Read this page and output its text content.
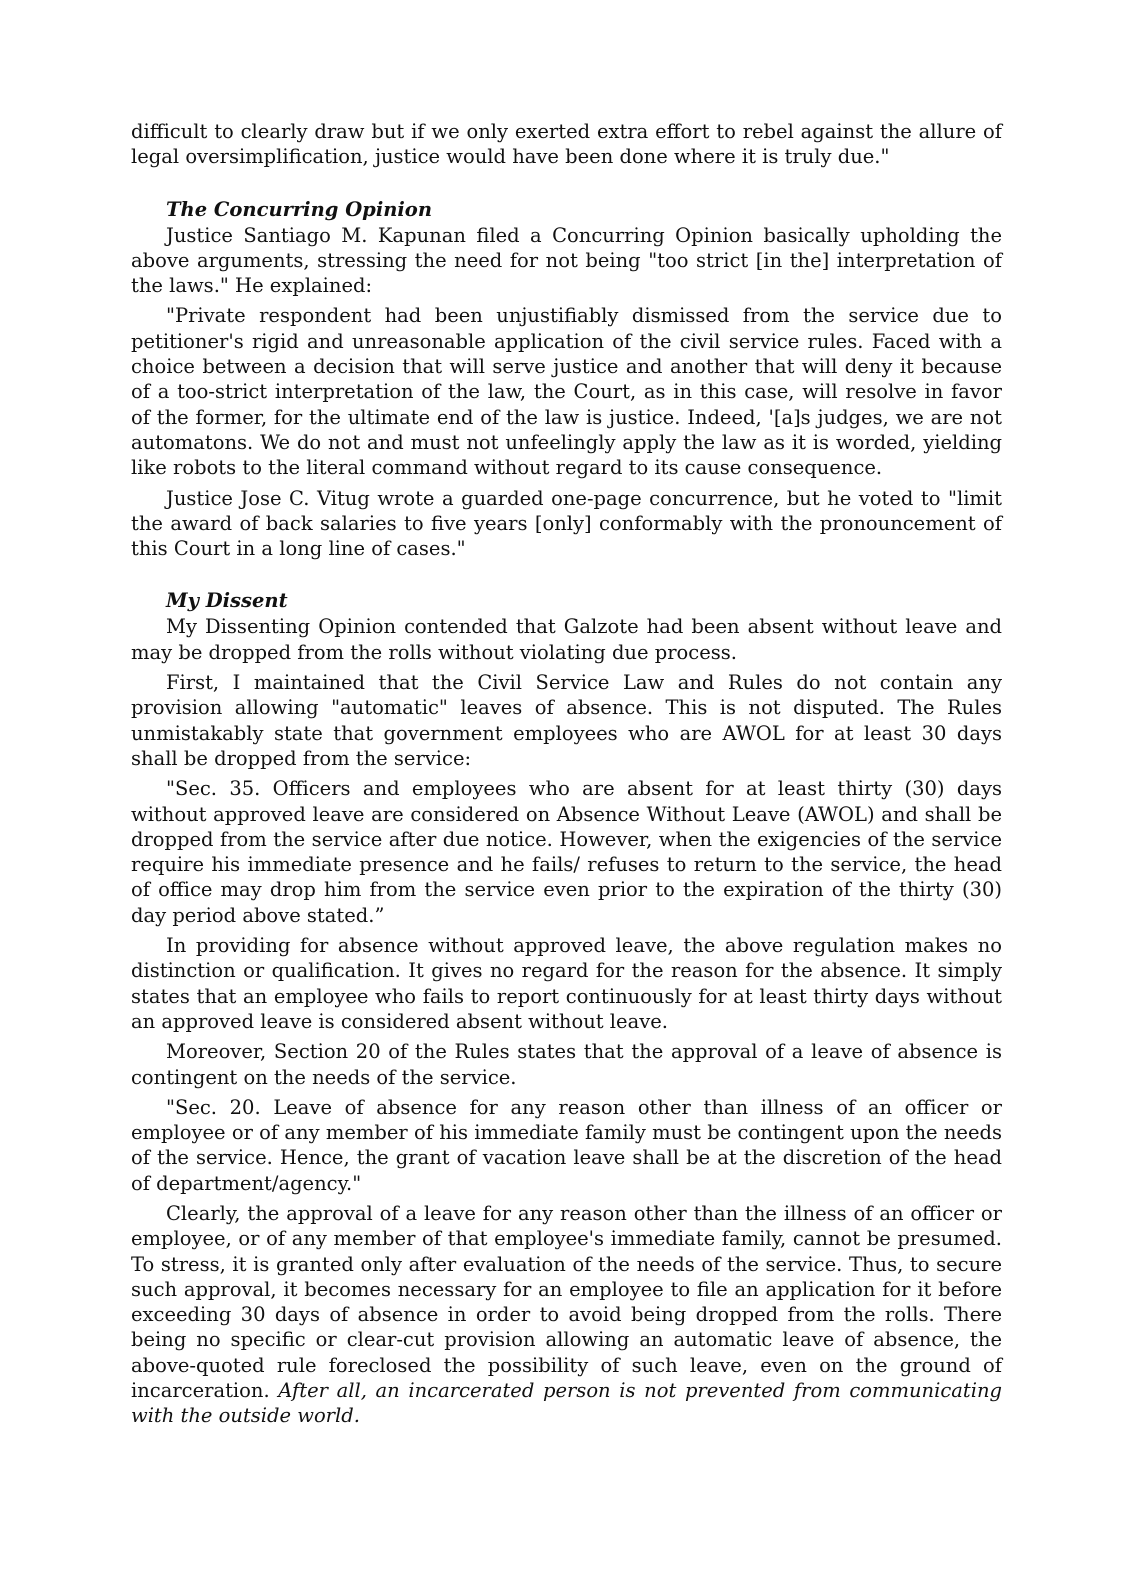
difficult to clearly draw but if we only exerted extra effort to rebel against the allure of legal oversimplification, justice would have been done where it is truly due."

The Concurring Opinion

Justice Santiago M. Kapunan filed a Concurring Opinion basically upholding the above arguments, stressing the need for not being "too strict [in the] interpretation of the laws." He explained:

"Private respondent had been unjustifiably dismissed from the service due to petitioner's rigid and unreasonable application of the civil service rules. Faced with a choice between a decision that will serve justice and another that will deny it because of a too-strict interpretation of the law, the Court, as in this case, will resolve in favor of the former, for the ultimate end of the law is justice. Indeed, '[a]s judges, we are not automatons. We do not and must not unfeelingly apply the law as it is worded, yielding like robots to the literal command without regard to its cause consequence.

Justice Jose C. Vitug wrote a guarded one-page concurrence, but he voted to "limit the award of back salaries to five years [only] conformably with the pronouncement of this Court in a long line of cases."

My Dissent

My Dissenting Opinion contended that Galzote had been absent without leave and may be dropped from the rolls without violating due process.

First, I maintained that the Civil Service Law and Rules do not contain any provision allowing "automatic" leaves of absence. This is not disputed. The Rules unmistakably state that government employees who are AWOL for at least 30 days shall be dropped from the service:

"Sec. 35. Officers and employees who are absent for at least thirty (30) days without approved leave are considered on Absence Without Leave (AWOL) and shall be dropped from the service after due notice. However, when the exigencies of the service require his immediate presence and he fails/ refuses to return to the service, the head of office may drop him from the service even prior to the expiration of the thirty (30) day period above stated.”

In providing for absence without approved leave, the above regulation makes no distinction or qualification. It gives no regard for the reason for the absence. It simply states that an employee who fails to report continuously for at least thirty days without an approved leave is considered absent without leave.

Moreover, Section 20 of the Rules states that the approval of a leave of absence is contingent on the needs of the service.

"Sec. 20. Leave of absence for any reason other than illness of an officer or employee or of any member of his immediate family must be contingent upon the needs of the service. Hence, the grant of vacation leave shall be at the discretion of the head of department/agency."

Clearly, the approval of a leave for any reason other than the illness of an officer or employee, or of any member of that employee's immediate family, cannot be presumed. To stress, it is granted only after evaluation of the needs of the service. Thus, to secure such approval, it becomes necessary for an employee to file an application for it before exceeding 30 days of absence in order to avoid being dropped from the rolls. There being no specific or clear-cut provision allowing an automatic leave of absence, the above-quoted rule foreclosed the possibility of such leave, even on the ground of incarceration. After all, an incarcerated person is not prevented from communicating with the outside world.
